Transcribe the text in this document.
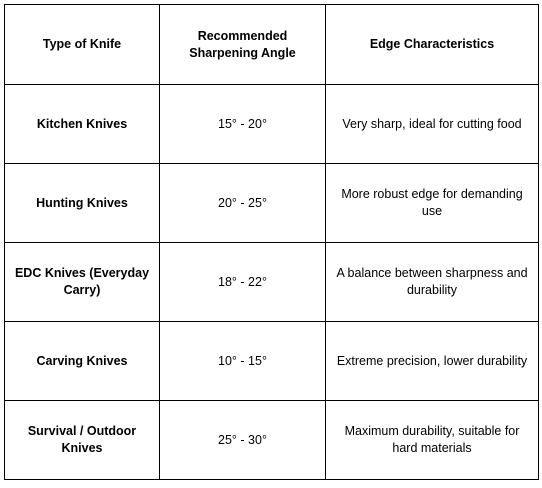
Type of Knife	Recommended Sharpening Angle	Edge Characteristics

Kitchen Knives	15° - 20°	Very sharp, ideal for cutting food

Hunting Knives	20° - 25°	More robust edge for demanding use

EDC Knives (Everyday Carry)	18° - 22°	A balance between sharpness and durability

Carving Knives	10° - 15°	Extreme precision, lower durability

Survival / Outdoor Knives	25° - 30°	Maximum durability, suitable for hard materials
